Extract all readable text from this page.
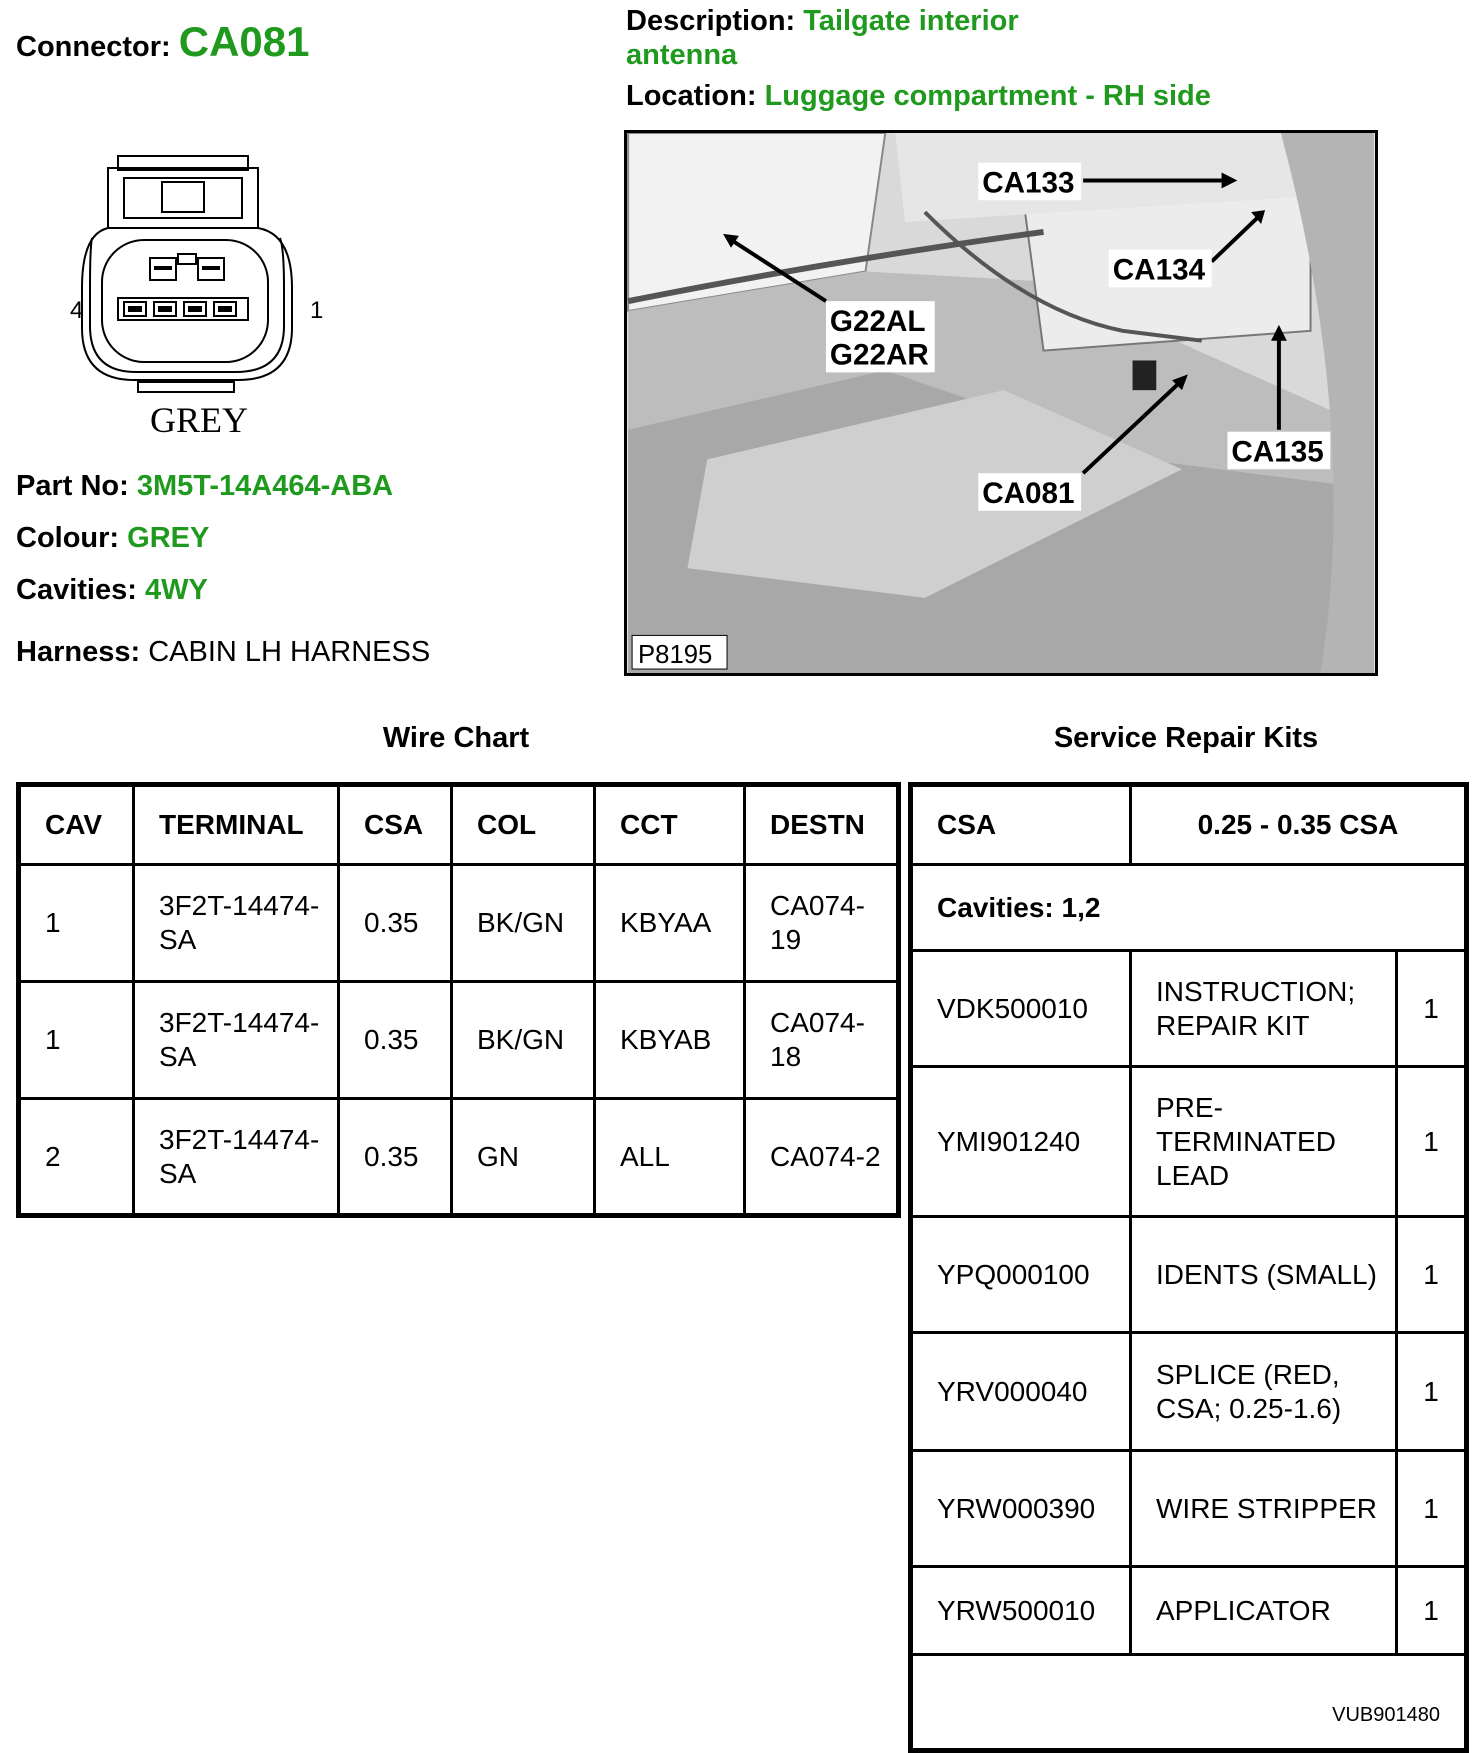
Connector: CA081	Description: Tailgate interior antenna
Location: Luggage compartment - RH side
4	1
GREY
Part No: 3M5T-14A464-ABA
Colour: GREY
Cavities: 4WY
Harness: CABIN LH HARNESS
CA133
CA134
G22AL
G22AR
CA135
CA081
P8195
Wire Chart	Service Repair Kits
CAV	TERMINAL	CSA	COL	CCT	DESTN
1	3F2T-14474-SA	0.35	BK/GN	KBYAA	CA074-19
1	3F2T-14474-SA	0.35	BK/GN	KBYAB	CA074-18
2	3F2T-14474-SA	0.35	GN	ALL	CA074-2
CSA	0.25 - 0.35 CSA	
Cavities: 1,2		
VDK500010	INSTRUCTION; REPAIR KIT	1
YMI901240	PRE-TERMINATED LEAD	1
YPQ000100	IDENTS (SMALL)	1
YRV000040	SPLICE (RED, CSA; 0.25-1.6)	1
YRW000390	WIRE STRIPPER	1
YRW500010	APPLICATOR	1
VUB901480		
